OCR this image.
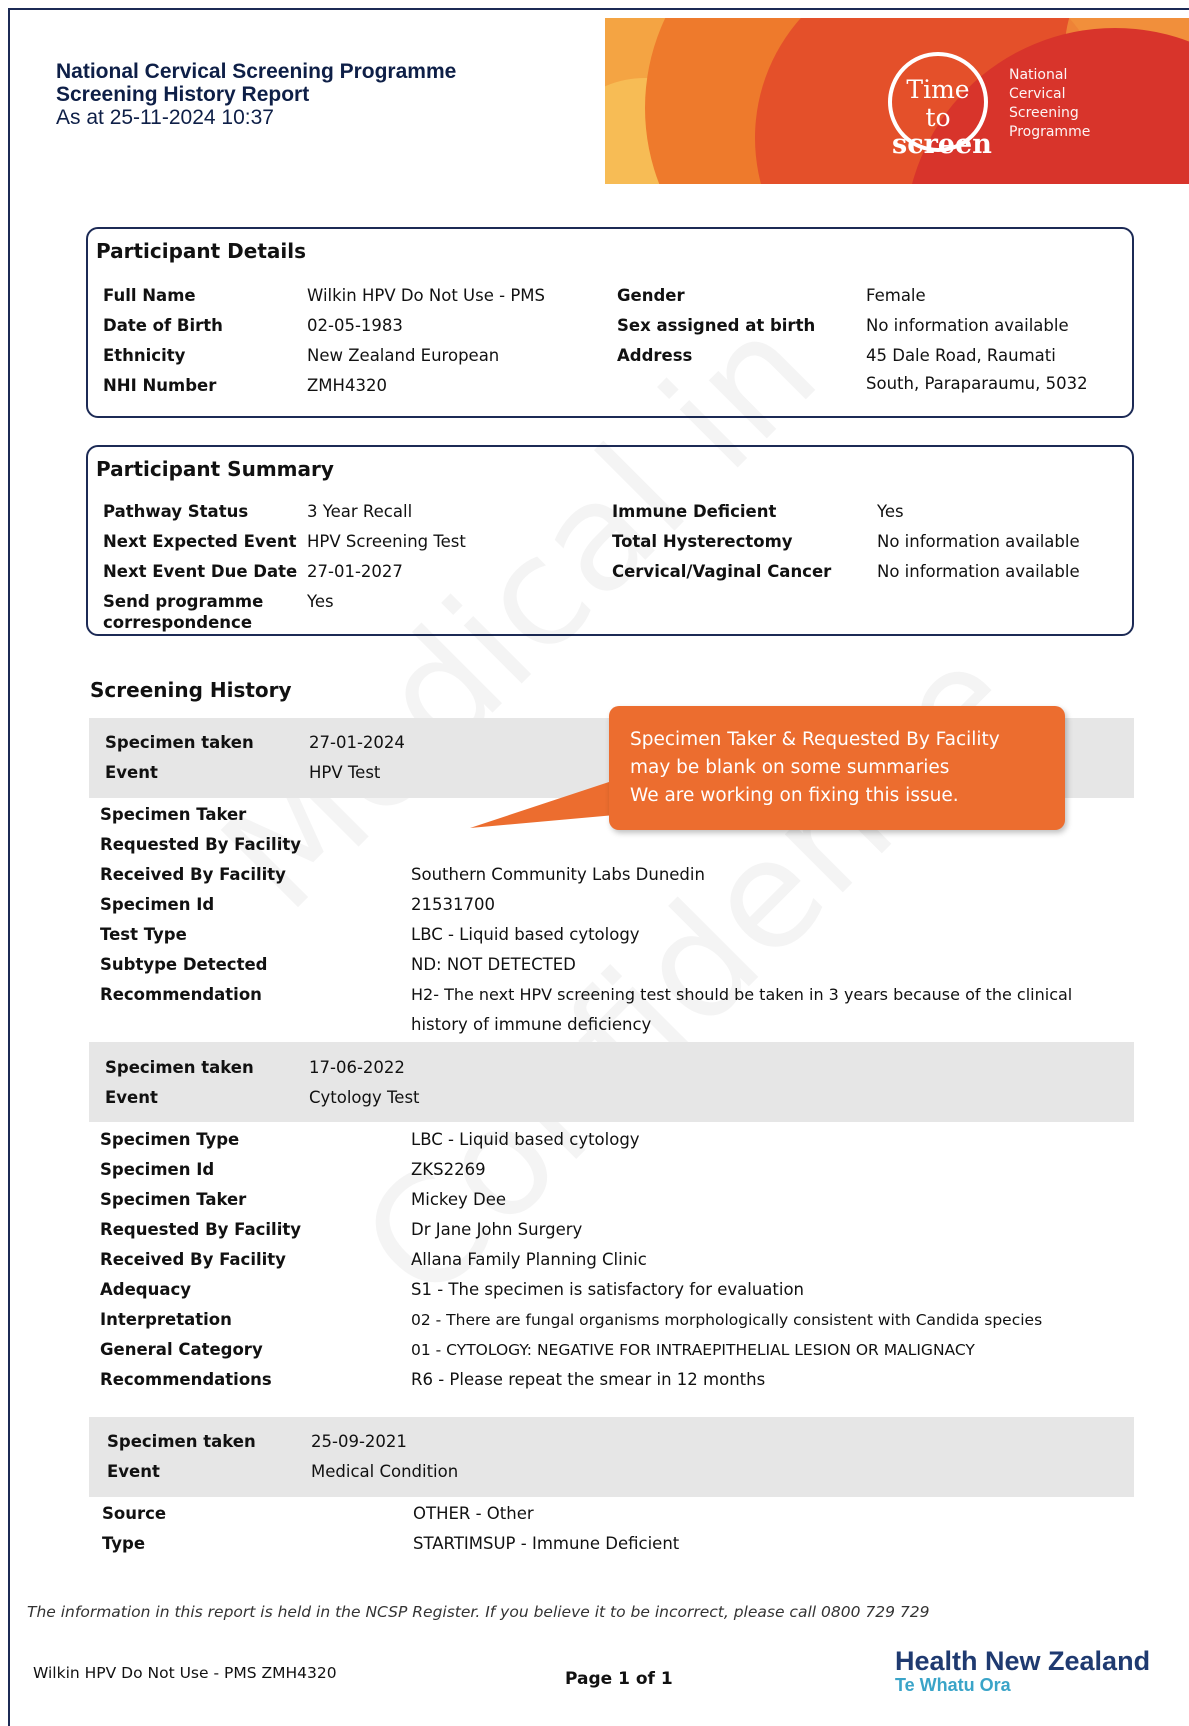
Time to
screen
National
Cervical
Screening
Programme
National Cervical Screening Programme
Screening History Report
As at 25-11-2024 10:37
Participant Details
Full Name	Wilkin HPV Do Not Use - PMS
Date of Birth	02-05-1983
Ethnicity	New Zealand European
NHI Number	ZMH4320
Gender	Female
Sex assigned at birth	No information available
Address	45 Dale Road, Raumati
South, Paraparaumu, 5032
Participant Summary
Pathway Status	3 Year Recall
Next Expected Event HPV Screening Test
Next Event Due Date 27-01-2027
Send programme	Yes
correspondence
Immune Deficient	Yes
Total Hysterectomy	No information available
Cervical/Vaginal Cancer	No information available
Screening History
Specimen taken	27-01-2024
Event	HPV Test
Specimen Taker
Requested By Facility
Received By Facility	Southern Community Labs Dunedin
Specimen Id	21531700
Test Type	LBC - Liquid based cytology
Subtype Detected	ND: NOT DETECTED
Recommendation	H2- The next HPV screening test should be taken in 3 years because of the clinical
history of immune deficiency
Specimen taken	17-06-2022
Event	Cytology Test
Specimen Type	LBC - Liquid based cytology
Specimen Id	ZKS2269
Specimen Taker	Mickey Dee
Requested By Facility	Dr Jane John Surgery
Received By Facility	Allana Family Planning Clinic
Adequacy	S1 - The specimen is satisfactory for evaluation
Interpretation	02 - There are fungal organisms morphologically consistent with Candida species
General Category	01 - CYTOLOGY: NEGATIVE FOR INTRAEPITHELIAL LESION OR MALIGNACY
Recommendations	R6 - Please repeat the smear in 12 months
Specimen taken	25-09-2021
Event	Medical Condition
Source	OTHER - Other
Type	STARTIMSUP - Immune Deficient

Specimen Taker & Requested By Facility

may be blank on some summaries

We are working on fixing this issue.

The information in this report is held in the NCSP Register. If you believe it to be incorrect, please call 0800 729 729
Wilkin HPV Do Not Use - PMS ZMH4320	Page 1 of 1
Health New Zealand
Te Whatu Ora
